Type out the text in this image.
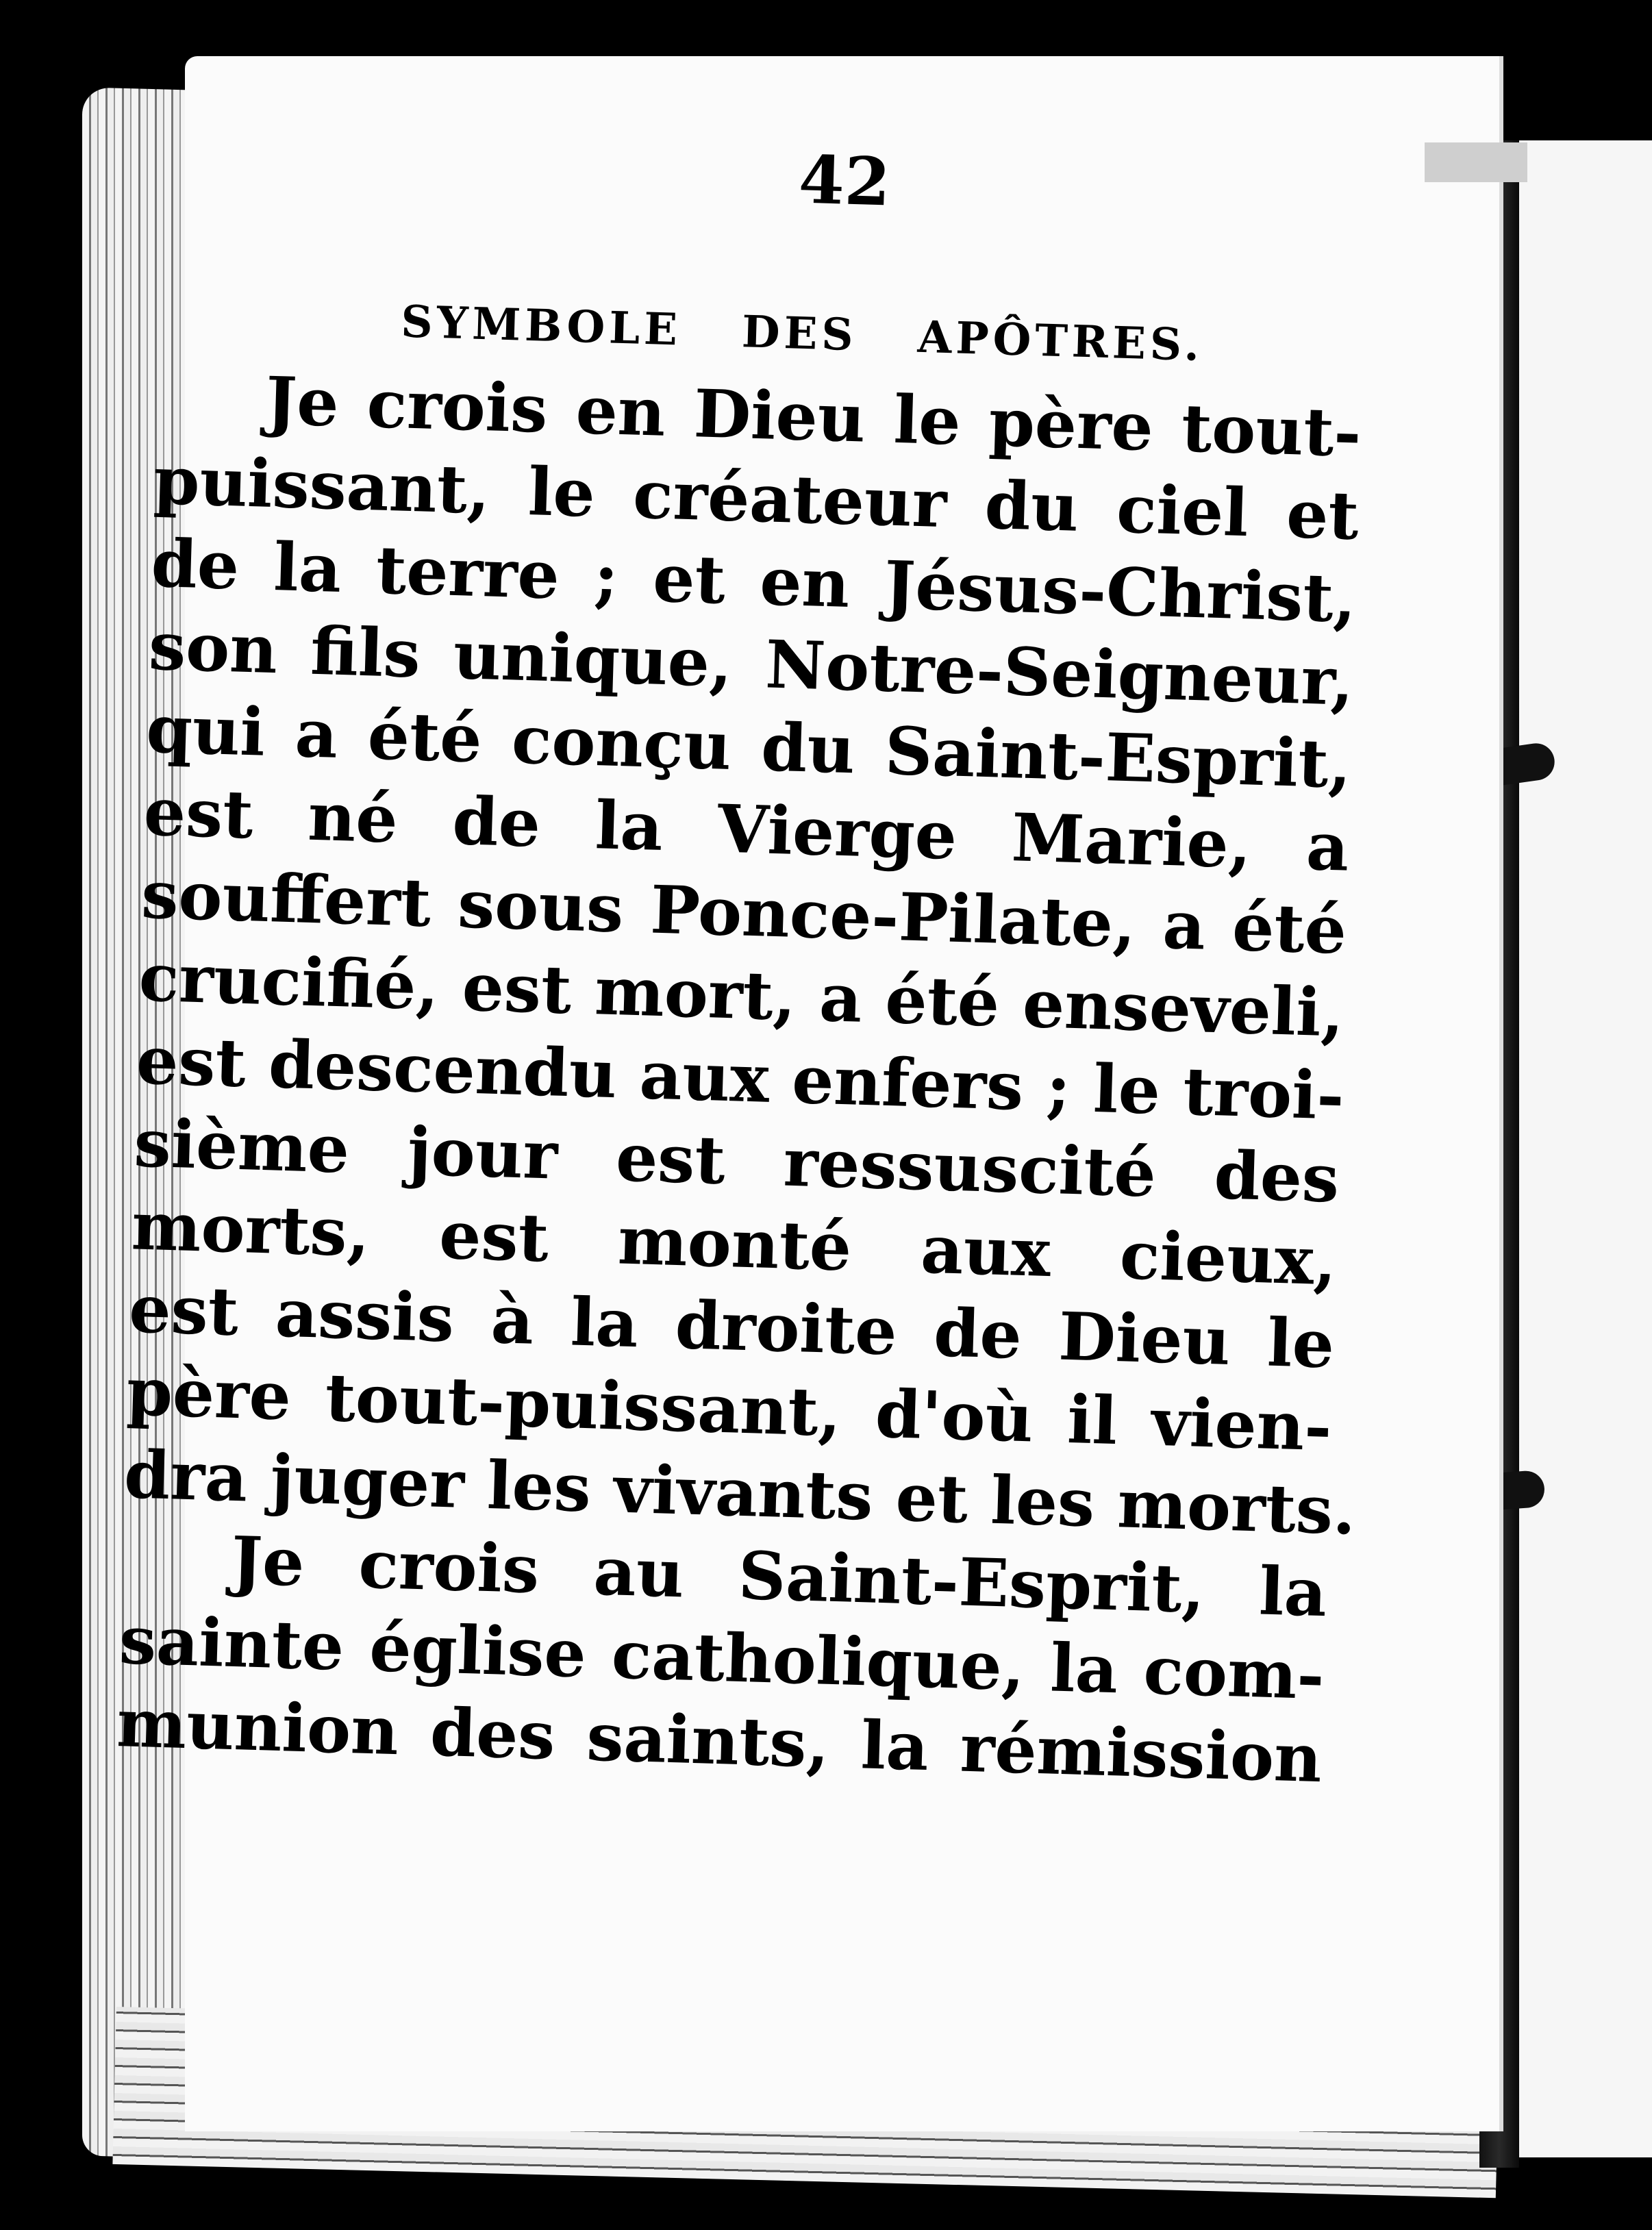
42
SYMBOLE DES APÔTRES.

Je crois en Dieu le père tout-
puissant, le créateur du ciel et
de la terre ; et en Jésus-Christ,
son fils unique, Notre-Seigneur,
qui a été conçu du Saint-Esprit,
est né de la Vierge Marie, a
souffert sous Ponce-Pilate, a été
crucifié, est mort, a été enseveli,
est descendu aux enfers ; le troi-
sième jour est ressuscité des
morts, est monté aux cieux,
est assis à la droite de Dieu le
père tout-puissant, d'où il vien-
dra juger les vivants et les morts.

Je crois au Saint-Esprit, la
sainte église catholique, la com-
munion des saints, la rémission
